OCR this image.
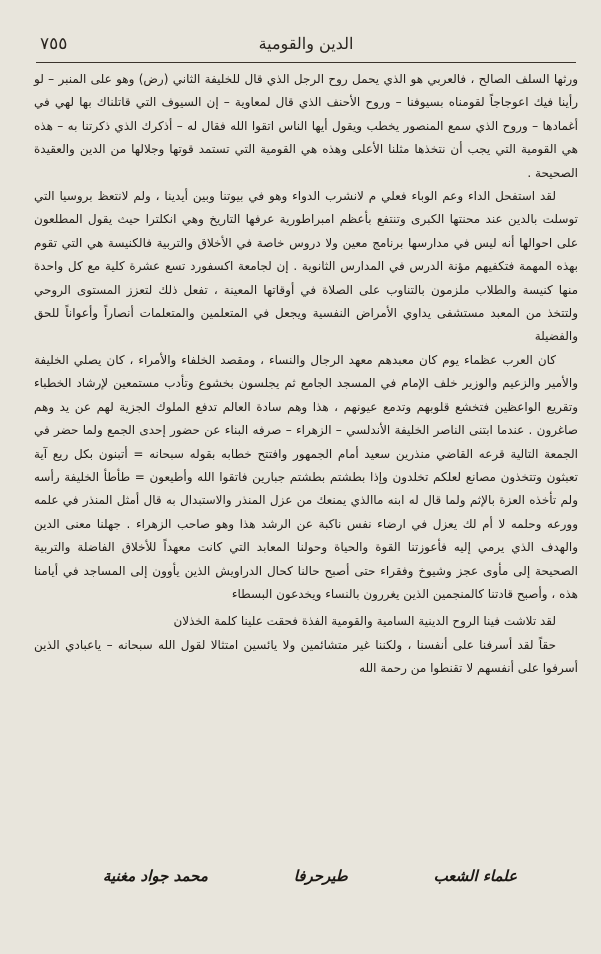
٧٥٥	الدين والقومية

ورثها السلف الصالح ، فالعربي هو الذي يحمل روح الرجل الذي قال للخليفة الثاني (رض) وهو على المنبر – لو رأينا فيك اعوجاجاً لقومناه بسيوفنا – وروح الأحنف الذي قال لمعاوية – إن السيوف التي قاتلناك بها لهي في أغمادها – وروح الذي سمع المنصور يخطب ويقول أيها الناس اتقوا الله فقال له – أذكرك الذي ذكرتنا به – هذه هي القومية التي يجب أن نتخذها مثلنا الأعلى وهذه هي القومية التي تستمد قوتها وجلالها من الدين والعقيدة الصحيحة .

لقد استفحل الداء وعم الوباء فعلي م لانشرب الدواء وهو في بيوتنا وبين أيدينا ، ولم لانتعظ بروسيا التي توسلت بالدين عند محنتها الكبرى وتنتفع بأعظم امبراطورية عرفها التاريخ وهي انكلترا حيث يقول المطلعون على احوالها أنه ليس في مدارسها برنامج معين ولا دروس خاصة في الأخلاق والتربية فالكنيسة هي التي تقوم بهذه المهمة فتكفيهم مؤنة الدرس في المدارس الثانوية . إن لجامعة اكسفورد تسع عشرة كلية مع كل واحدة منها كنيسة والطلاب ملزمون بالتناوب على الصلاة في أوقاتها المعينة ، تفعل ذلك لتعزز المستوى الروحي ولتتخذ من المعبد مستشفى يداوي الأمراض النفسية ويجعل في المتعلمين والمتعلمات أنصاراً وأعواناً للحق والفضيلة

كان العرب عظماء يوم كان معبدهم معهد الرجال والنساء ، ومقصد الخلفاء والأمراء ، كان يصلي الخليفة والأمير والزعيم والوزير خلف الإمام في المسجد الجامع ثم يجلسون بخشوع وتأدب مستمعين لإرشاد الخطباء وتقريع الواعظين فتخشع قلوبهم وتدمع عيونهم ، هذا وهم سادة العالم تدفع الملوك الجزية لهم عن يد وهم صاغرون . عندما ابتنى الناصر الخليفة الأندلسي – الزهراء – صرفه البناء عن حضور إحدى الجمع ولما حضر في الجمعة التالية قرعه القاضي منذرين سعيد أمام الجمهور وافتتح خطابه بقوله سبحانه = أتبنون بكل ريع آية تعبثون وتتخذون مصانع لعلكم تخلدون وإذا بطشتم بطشتم جبارين فاتقوا الله وأطيعون = طأطأ الخليفة رأسه ولم تأخذه العزة بالإثم ولما قال له ابنه ماالذي يمنعك من عزل المنذر والاستبدال به قال أمثل المنذر في علمه وورعه وحلمه لا أم لك يعزل في ارضاء نفس ناكبة عن الرشد هذا وهو صاحب الزهراء . جهلنا معنى الدين والهدف الذي يرمي إليه فأعوزتنا القوة والحياة وحولنا المعابد التي كانت معهداً للأخلاق الفاضلة والتربية الصحيحة إلى مأوى عجز وشيوخ وفقراء حتى أصبح حالنا كحال الدراويش الذين يأوون إلى المساجد في أيامنا هذه ، وأصبح قادتنا كالمنجمين الذين يغررون بالنساء ويخدعون البسطاء

لقد تلاشت فينا الروح الدينية السامية والقومية الفذة فحقت علينا كلمة الخذلان

حقاً لقد أسرفنا على أنفسنا ، ولكننا غير متشائمين ولا يائسين امتثالا لقول الله سبحانه – ياعبادي الذين أسرفوا على أنفسهم لا تقنطوا من رحمة الله

علماء الشعب
طيرحرفا
محمد جواد مغنية
